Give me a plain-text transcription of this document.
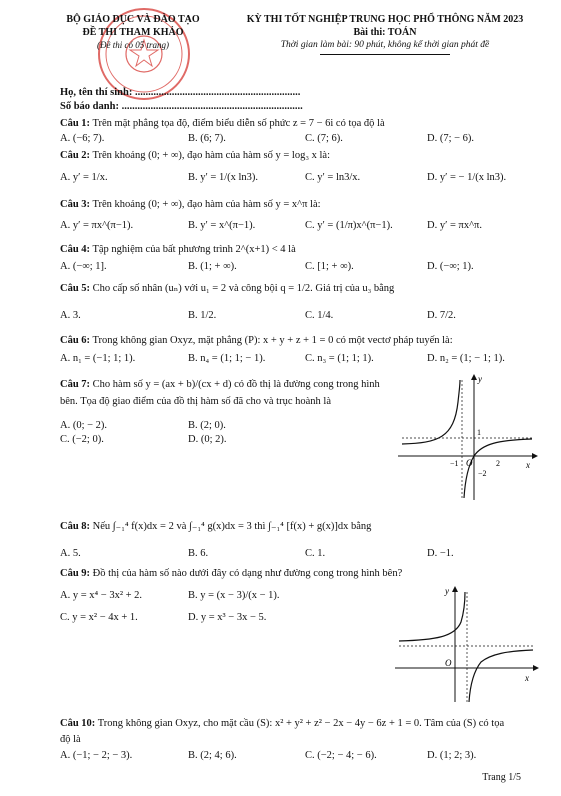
BỘ GIÁO DỤC VÀ ĐÀO TẠO
ĐỀ THI THAM KHẢO
(Đề thi có 05 trang)
KỲ THI TỐT NGHIỆP TRUNG HỌC PHỔ THÔNG NĂM 2023
Bài thi: TOÁN
Thời gian làm bài: 90 phút, không kể thời gian phát đề
Họ, tên thí sinh: ...............................................................
Số báo danh: .....................................................................
Câu 1: Trên mặt phẳng tọa độ, điểm biểu diễn số phức z = 7 − 6i có tọa độ là
A. (−6; 7).	B. (6; 7).	C. (7; 6).	D. (7; − 6).
Câu 2: Trên khoảng (0; + ∞), đạo hàm của hàm số y = log₃ x là:
A. y′ = 1/x.	B. y′ = 1/(x ln3).	C. y′ = ln3/x.	D. y′ = − 1/(x ln3).
Câu 3: Trên khoảng (0; + ∞), đạo hàm của hàm số y = x^π là:
A. y′ = πx^(π−1).	B. y′ = x^(π−1).	C. y′ = (1/π)x^(π−1).	D. y′ = πx^π.
Câu 4: Tập nghiệm của bất phương trình 2^(x+1) < 4 là
A. (−∞; 1].	B. (1; + ∞).	C. [1; + ∞).	D. (−∞; 1).
Câu 5: Cho cấp số nhân (uₙ) với u₁ = 2 và công bội q = 1/2. Giá trị của u₃ bằng
A. 3.	B. 1/2.	C. 1/4.	D. 7/2.
Câu 6: Trong không gian Oxyz, mặt phẳng (P): x + y + z + 1 = 0 có một vectơ pháp tuyến là:
A. n₁ = (−1; 1; 1).	B. n₄ = (1; 1; − 1).	C. n₃ = (1; 1; 1).	D. n₂ = (1; − 1; 1).
Câu 7: Cho hàm số y = (ax + b)/(cx + d) có đồ thị là đường cong trong hình bên. Tọa độ giao điểm của đồ thị hàm số đã cho và trục hoành là
A. (0; − 2).	B. (2; 0).
C. (−2; 0).	D. (0; 2).
y
x
O
1
−1	2
−2
Câu 8: Nếu ∫₋₁⁴ f(x)dx = 2 và ∫₋₁⁴ g(x)dx = 3 thì ∫₋₁⁴ [f(x) + g(x)]dx bằng
A. 5.	B. 6.	C. 1.	D. −1.
Câu 9: Đồ thị của hàm số nào dưới đây có dạng như đường cong trong hình bên?
A. y = x⁴ − 3x² + 2.	B. y = (x − 3)/(x − 1).
C. y = x² − 4x + 1.	D. y = x³ − 3x − 5.
y
x
O
Câu 10: Trong không gian Oxyz, cho mặt cầu (S): x² + y² + z² − 2x − 4y − 6z + 1 = 0. Tâm của (S) có tọa độ là
A. (−1; − 2; − 3).	B. (2; 4; 6).	C. (−2; − 4; − 6).	D. (1; 2; 3).
Trang 1/5
